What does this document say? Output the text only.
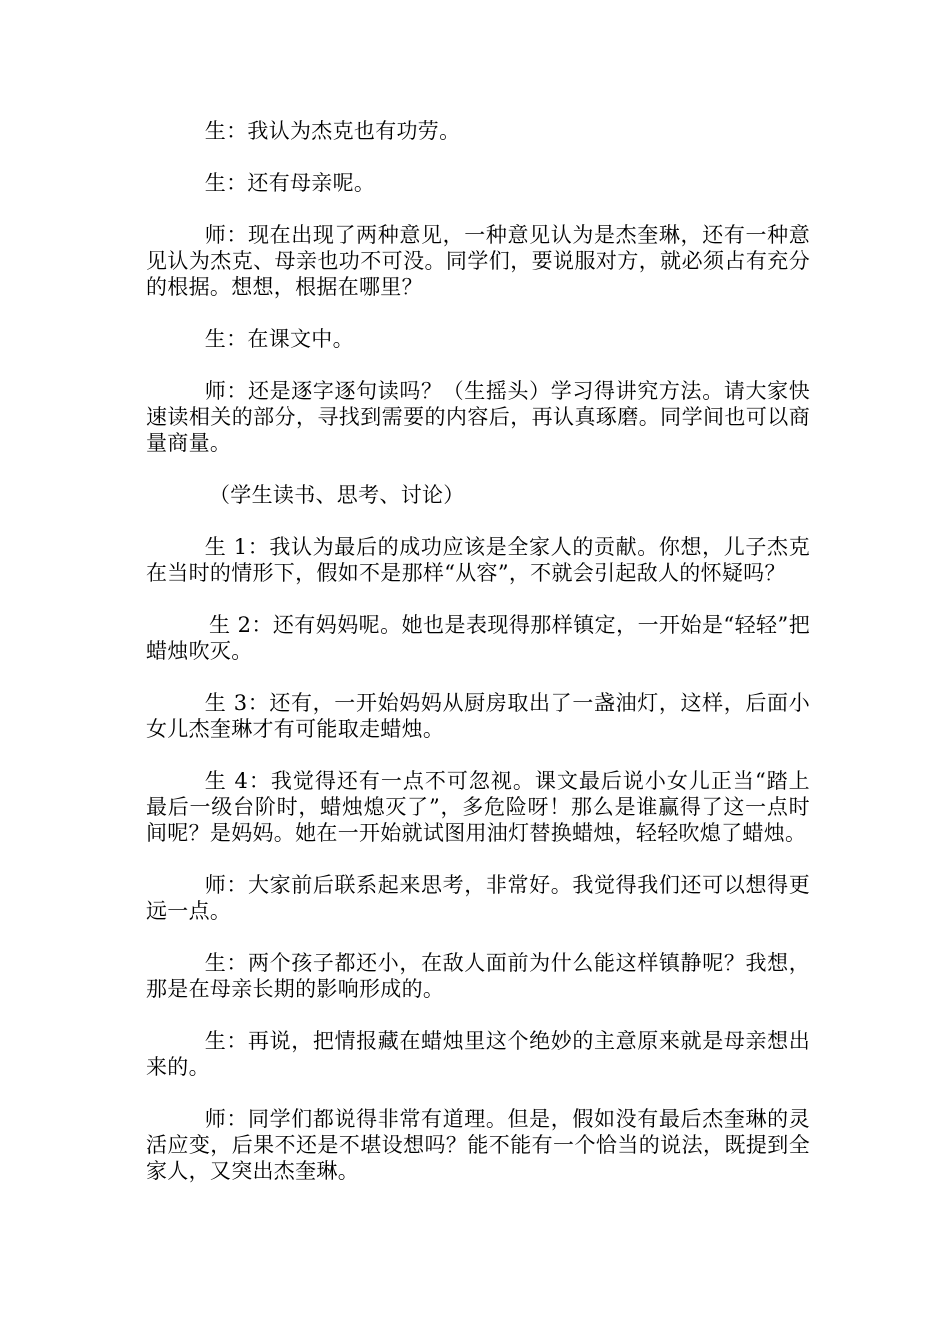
生：我认为杰克也有功劳。

生：还有母亲呢。

师：现在出现了两种意见，一种意见认为是杰奎琳，还有一种意见认为杰克、母亲也功不可没。同学们，要说服对方，就必须占有充分的根据。想想，根据在哪里？

生：在课文中。

师：还是逐字逐句读吗？（生摇头）学习得讲究方法。请大家快速读相关的部分，寻找到需要的内容后，再认真琢磨。同学间也可以商量商量。

（学生读书、思考、讨论）

生 1：我认为最后的成功应该是全家人的贡献。你想，儿子杰克在当时的情形下，假如不是那样“从容”，不就会引起敌人的怀疑吗？

生 2：还有妈妈呢。她也是表现得那样镇定，一开始是“轻轻”把蜡烛吹灭。

生 3：还有，一开始妈妈从厨房取出了一盏油灯，这样，后面小女儿杰奎琳才有可能取走蜡烛。

生 4：我觉得还有一点不可忽视。课文最后说小女儿正当“踏上最后一级台阶时，蜡烛熄灭了”，多危险呀！那么是谁赢得了这一点时间呢？是妈妈。她在一开始就试图用油灯替换蜡烛，轻轻吹熄了蜡烛。

师：大家前后联系起来思考，非常好。我觉得我们还可以想得更远一点。

生：两个孩子都还小，在敌人面前为什么能这样镇静呢？我想，那是在母亲长期的影响形成的。

生：再说，把情报藏在蜡烛里这个绝妙的主意原来就是母亲想出来的。

师：同学们都说得非常有道理。但是，假如没有最后杰奎琳的灵活应变，后果不还是不堪设想吗？能不能有一个恰当的说法，既提到全家人，又突出杰奎琳。
